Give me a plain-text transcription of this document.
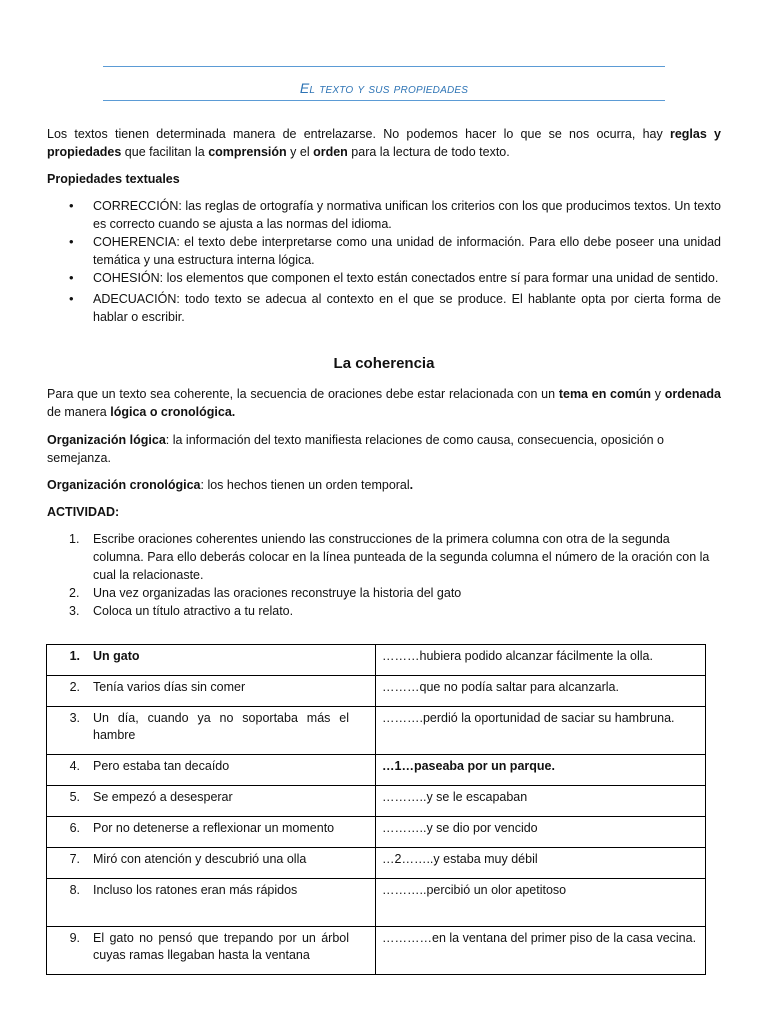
El texto y sus propiedades
Los textos tienen determinada manera de entrelazarse. No podemos hacer lo que se nos ocurra, hay reglas y propiedades que facilitan la comprensión y el orden para la lectura de todo texto.
Propiedades textuales
• CORRECCIÓN: las reglas de ortografía y normativa unifican los criterios con los que producimos textos. Un texto es correcto cuando se ajusta a las normas del idioma.
• COHERENCIA: el texto debe interpretarse como una unidad de información. Para ello debe poseer una unidad temática y una estructura interna lógica.
• COHESIÓN: los elementos que componen el texto están conectados entre sí para formar una unidad de sentido.
• ADECUACIÓN: todo texto se adecua al contexto en el que se produce. El hablante opta por cierta forma de hablar o escribir.
La coherencia
Para que un texto sea coherente, la secuencia de oraciones debe estar relacionada con un tema en común y ordenada de manera lógica o cronológica.
Organización lógica: la información del texto manifiesta relaciones de como causa, consecuencia, oposición o semejanza.
Organización cronológica: los hechos tienen un orden temporal.
ACTIVIDAD:
1. Escribe oraciones coherentes uniendo las construcciones de la primera columna con otra de la segunda columna. Para ello deberás colocar en la línea punteada de la segunda columna el número de la oración con la cual la relacionaste.
2. Una vez organizadas las oraciones reconstruye la historia del gato
3. Coloca un título atractivo a tu relato.
1. Un gato	………hubiera podido alcanzar fácilmente la olla.
2. Tenía varios días sin comer	………que no podía saltar para alcanzarla.
3. Un día, cuando ya no soportaba más el hambre	……….perdió la oportunidad de saciar su hambruna.
4. Pero estaba tan decaído	…1…paseaba por un parque.
5. Se empezó a desesperar	………..y se le escapaban
6. Por no detenerse a reflexionar un momento	………..y se dio por vencido
7. Miró con atención y descubrió una olla	…2……..y estaba muy débil
8. Incluso los ratones eran más rápidos	………..percibió un olor apetitoso
9. El gato no pensó que trepando por un árbol cuyas ramas llegaban hasta la ventana	…………en la ventana del primer piso de la casa vecina.
